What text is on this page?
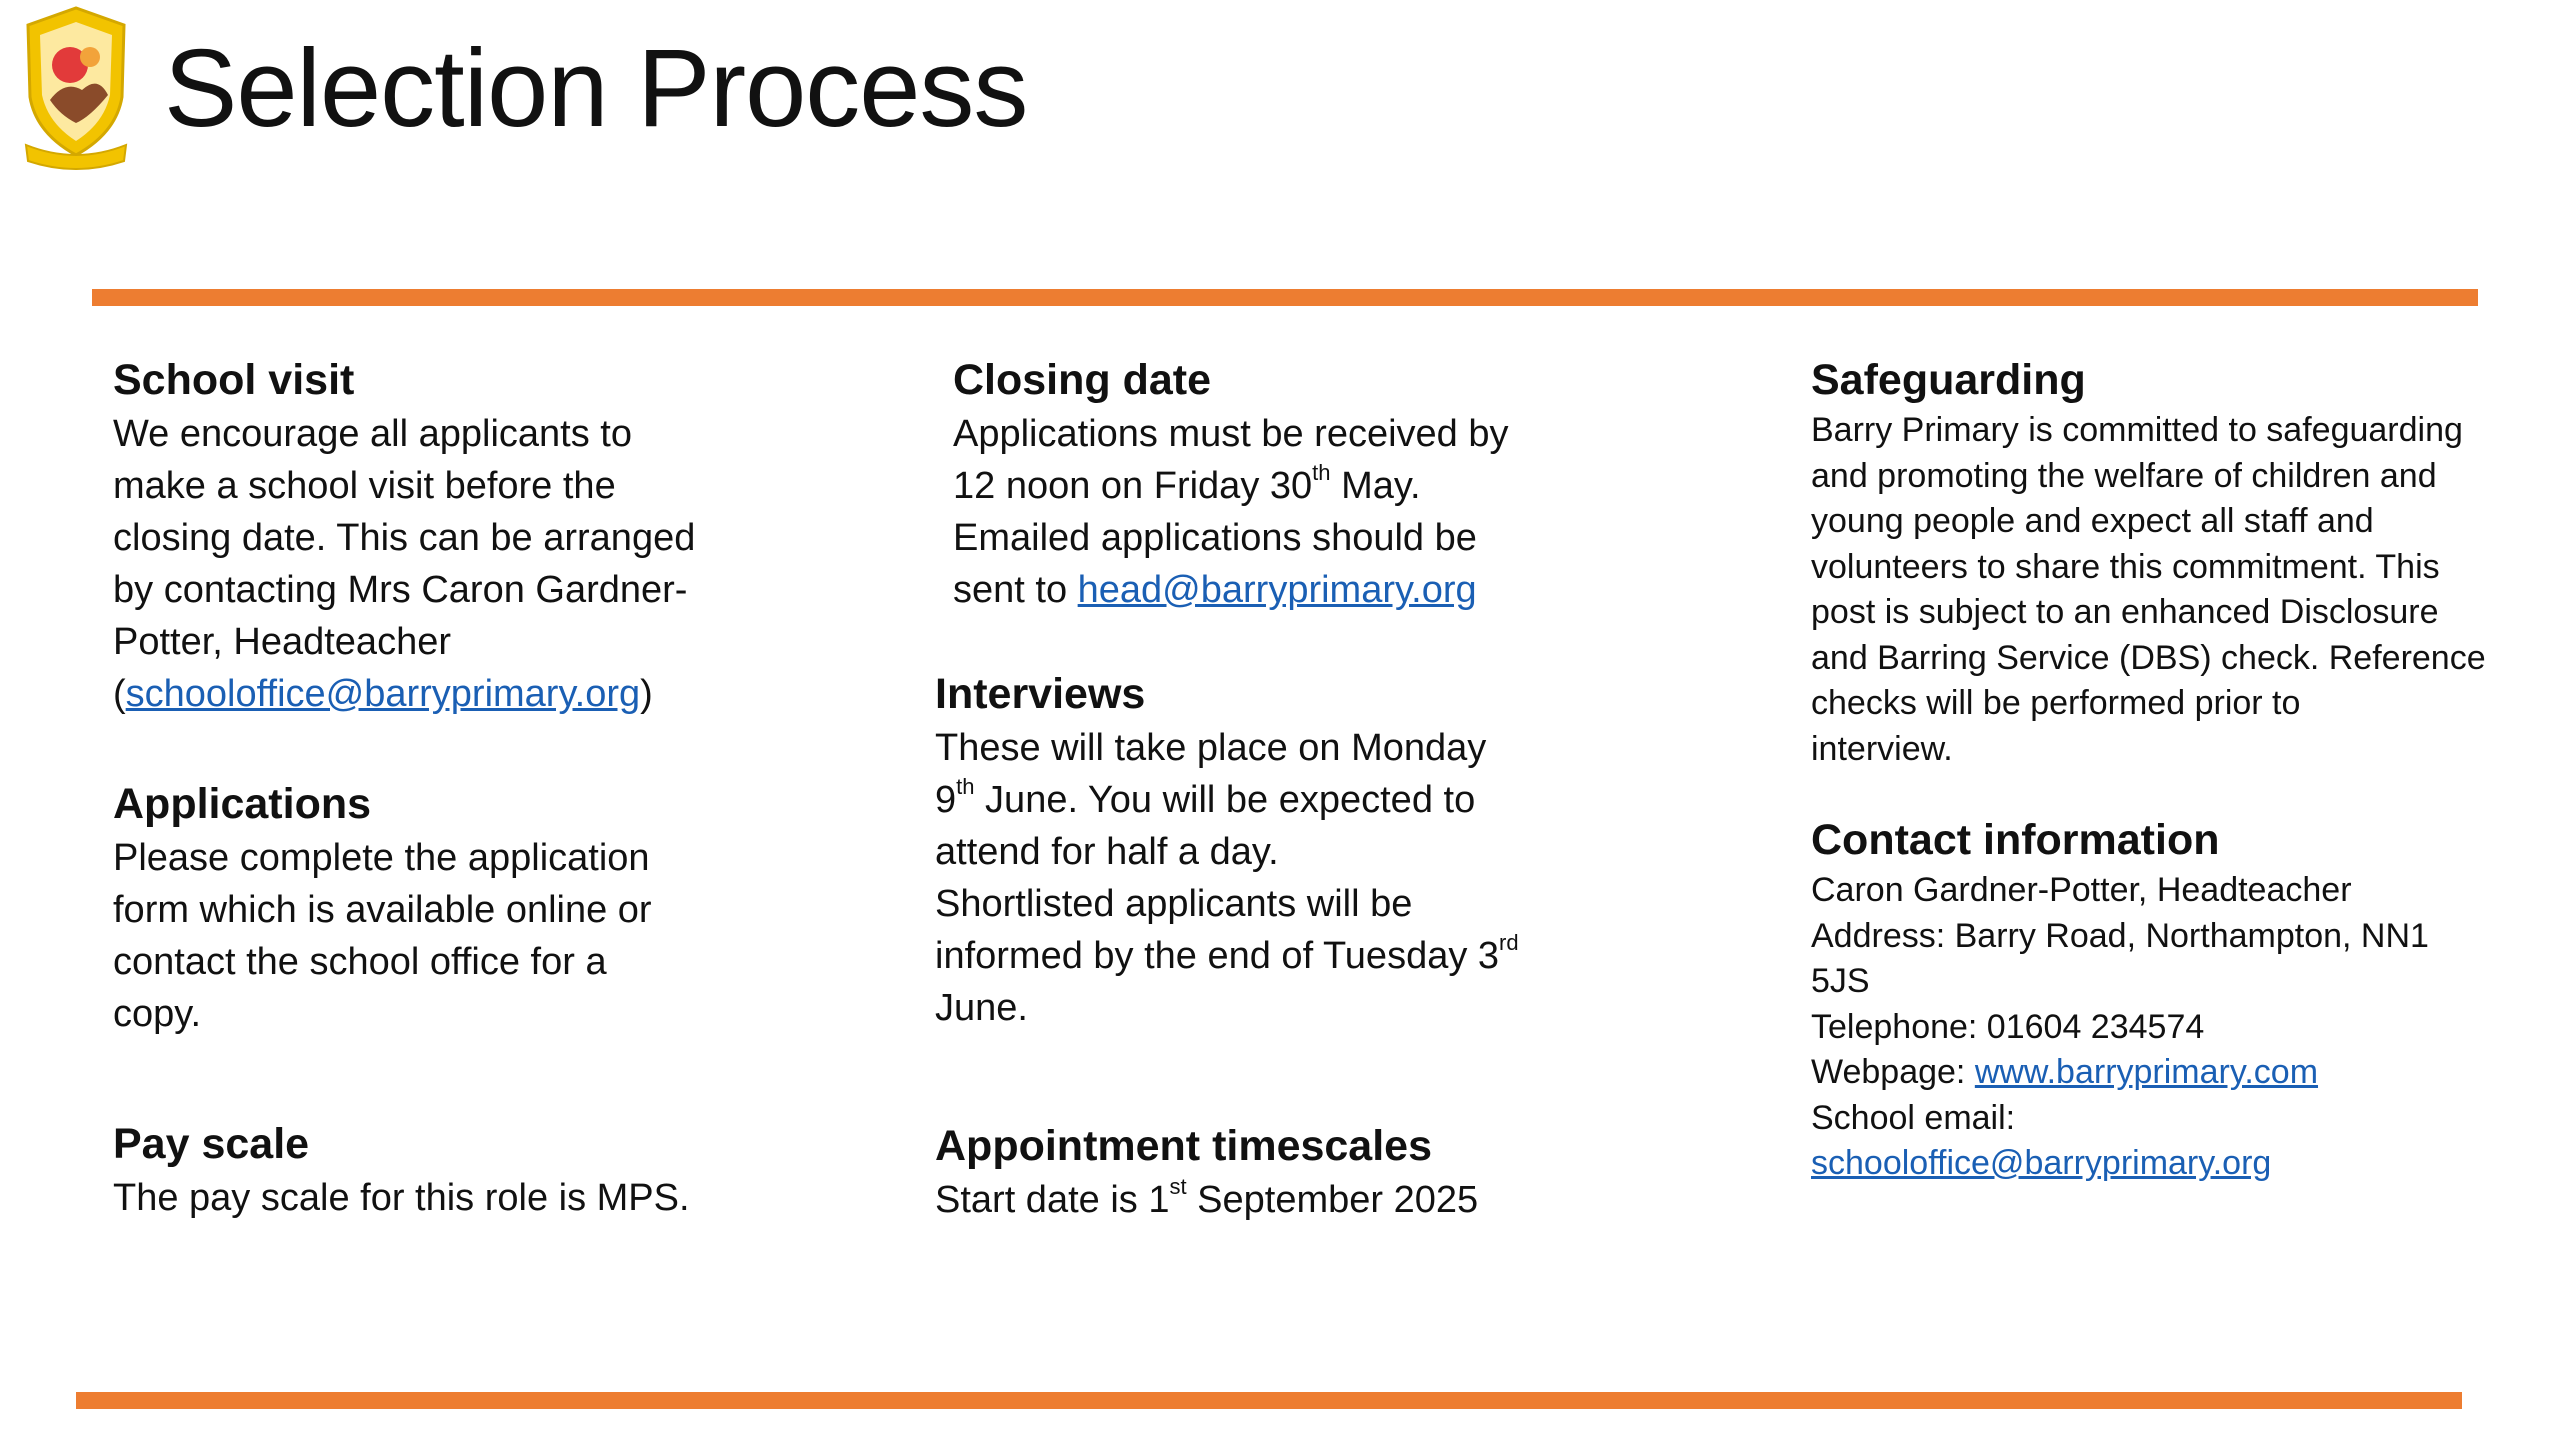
Selection Process
School visit

We encourage all applicants to

make a school visit before the

closing date. This can be arranged

by contacting Mrs Caron Gardner-

Potter, Headteacher

(schooloffice@barryprimary.org)

Applications

Please complete the application

form which is available online or

contact the school office for a

copy.

Pay scale

The pay scale for this role is MPS.

Closing date

Applications must be received by

12 noon on Friday 30th May.

Emailed applications should be

sent to head@barryprimary.org

Interviews

These will take place on Monday

9th June. You will be expected to

attend for half a day.

Shortlisted applicants will be

informed by the end of Tuesday 3rd

June.

Appointment timescales

Start date is 1st September 2025

Safeguarding

Barry Primary is committed to safeguarding

and promoting the welfare of children and

young people and expect all staff and

volunteers to share this commitment. This

post is subject to an enhanced Disclosure

and Barring Service (DBS) check. Reference

checks will be performed prior to

interview.

Contact information

Caron Gardner-Potter, Headteacher

Address: Barry Road, Northampton, NN1

5JS

Telephone: 01604 234574

Webpage: www.barryprimary.com

School email:

schooloffice@barryprimary.org
